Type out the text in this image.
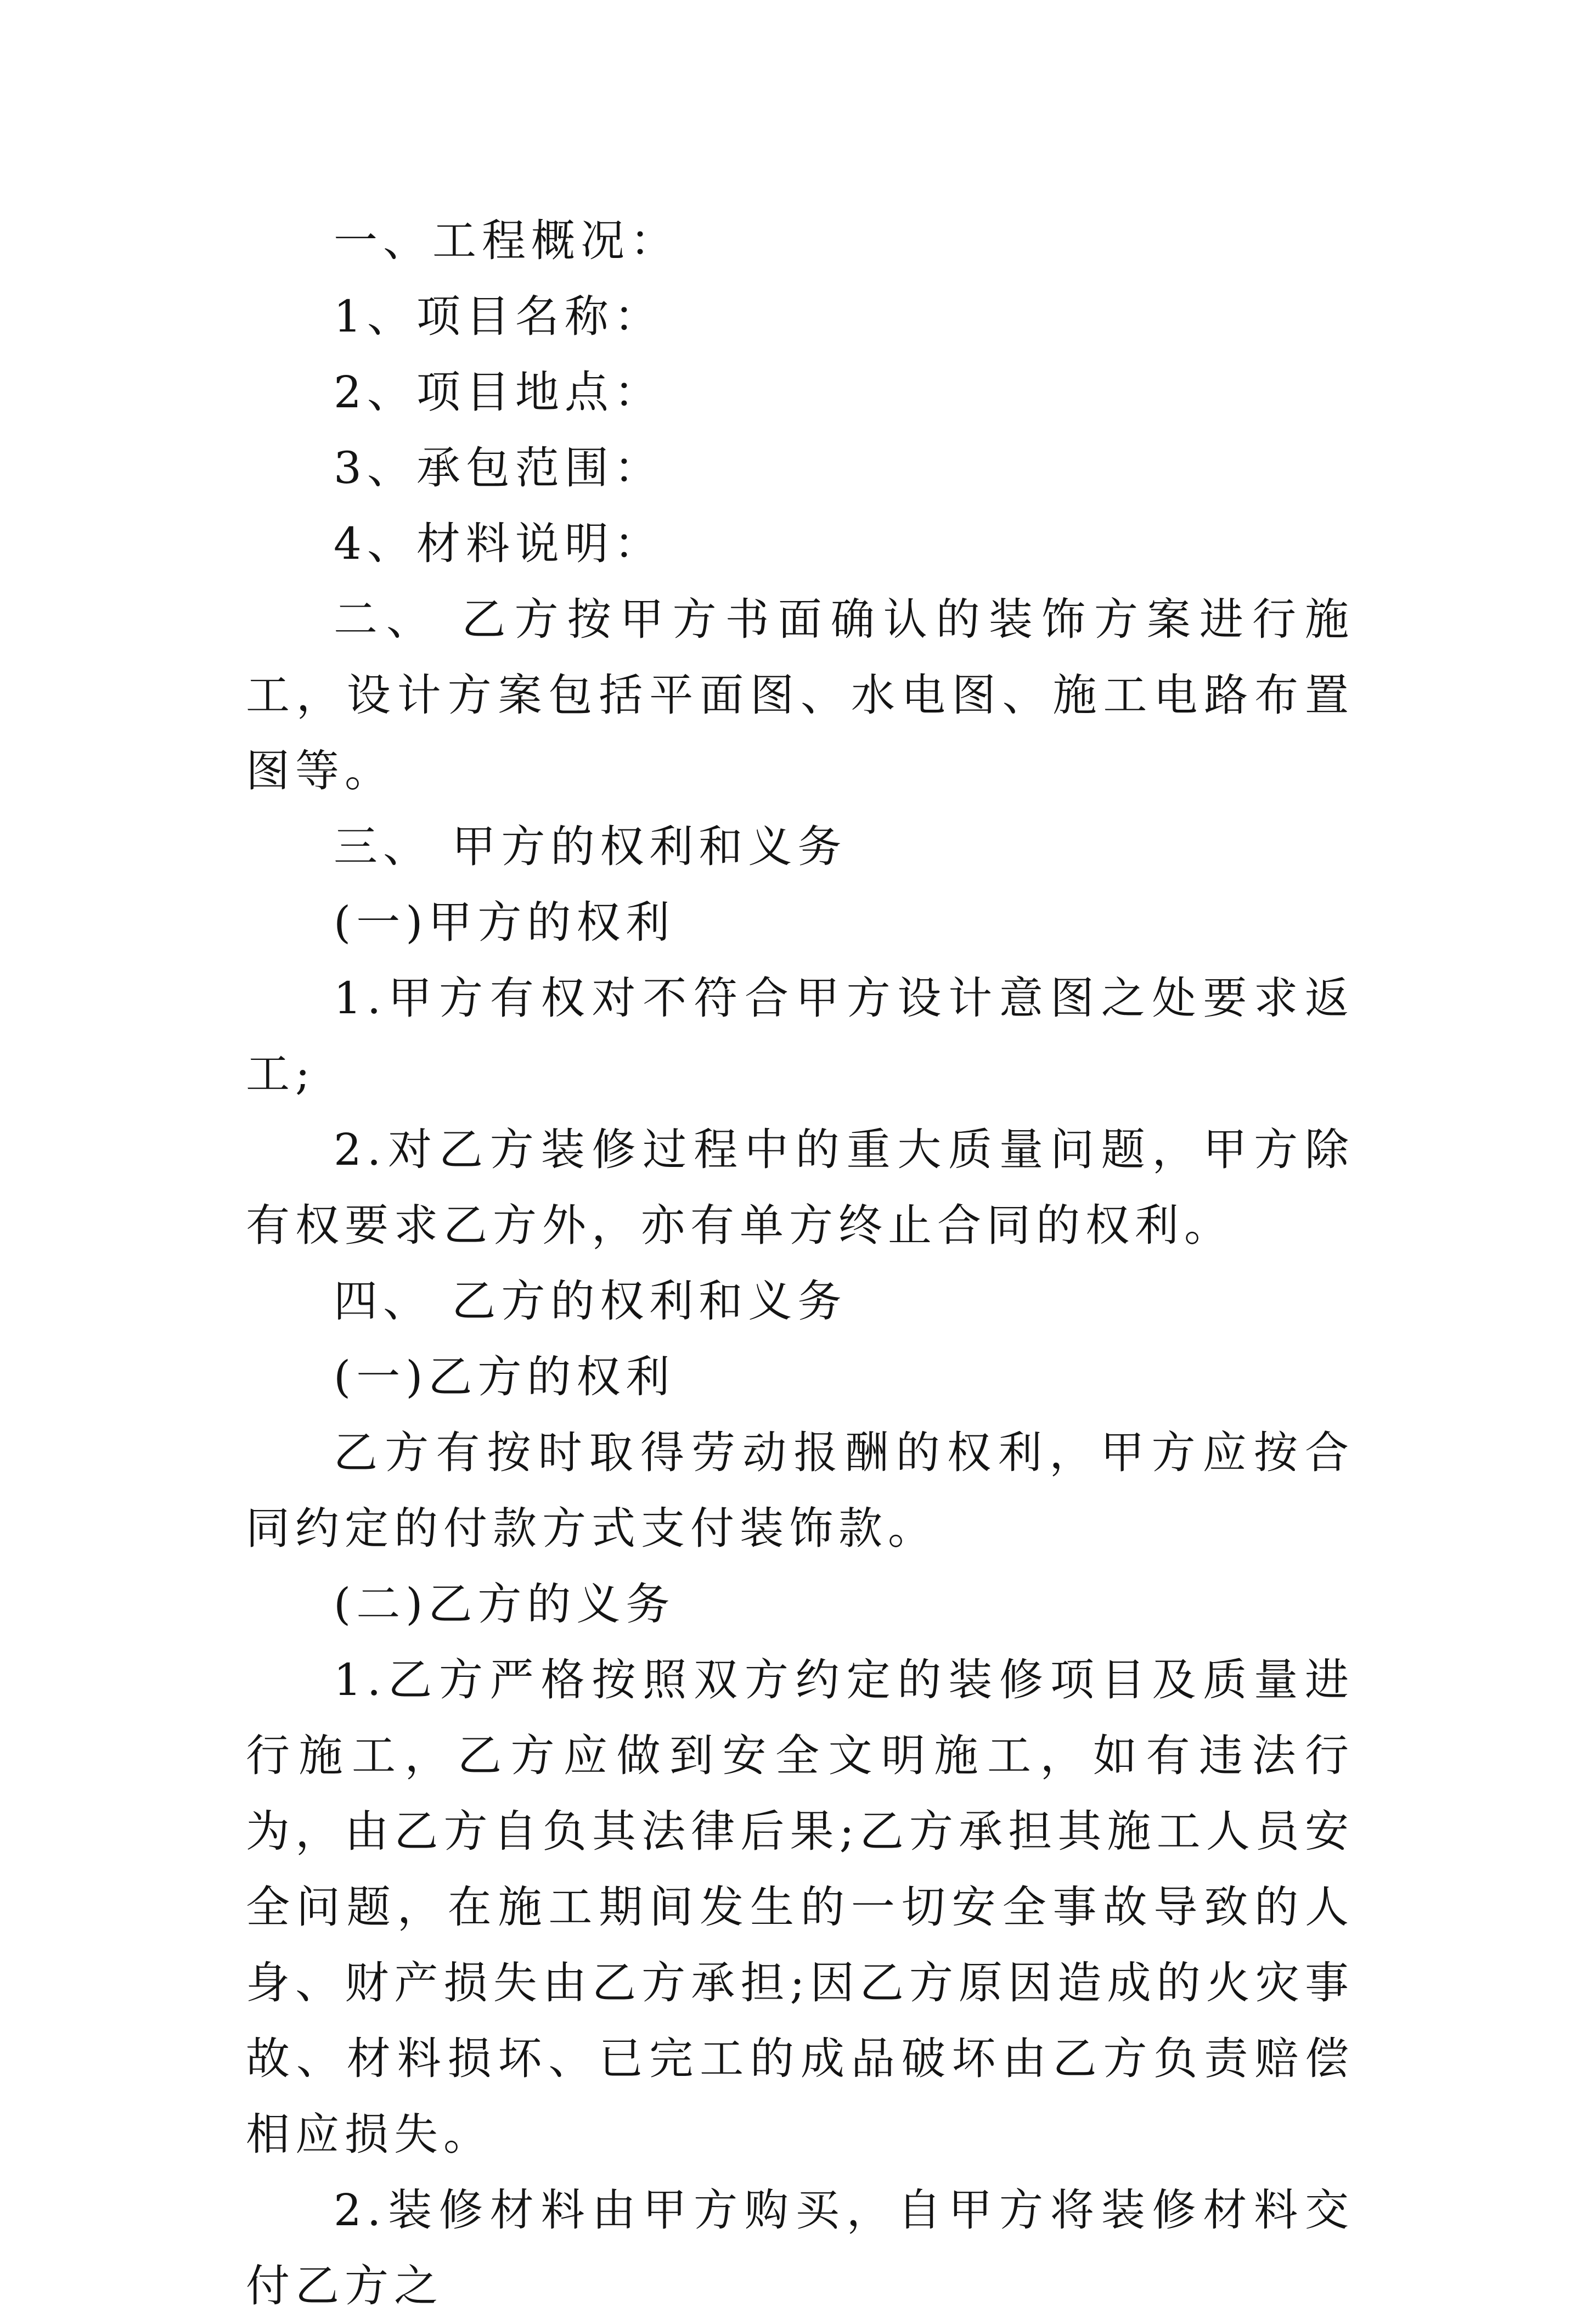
一、工程概况：

1、项目名称：

2、项目地点：

3、承包范围：

4、材料说明：

二、 乙方按甲方书面确认的装饰方案进行施工，设计方案包括平面图、水电图、施工电路布置图等。

三、 甲方的权利和义务

(一)甲方的权利

1.甲方有权对不符合甲方设计意图之处要求返工;

2.对乙方装修过程中的重大质量问题，甲方除有权要求乙方外，亦有单方终止合同的权利。

四、 乙方的权利和义务

(一)乙方的权利

乙方有按时取得劳动报酬的权利，甲方应按合同约定的付款方式支付装饰款。

(二)乙方的义务

1.乙方严格按照双方约定的装修项目及质量进行施工，乙方应做到安全文明施工，如有违法行为，由乙方自负其法律后果;乙方承担其施工人员安全问题，在施工期间发生的一切安全事故导致的人身、财产损失由乙方承担;因乙方原因造成的火灾事故、材料损坏、已完工的成品破坏由乙方负责赔偿相应损失。

2.装修材料由甲方购买，自甲方将装修材料交付乙方之
